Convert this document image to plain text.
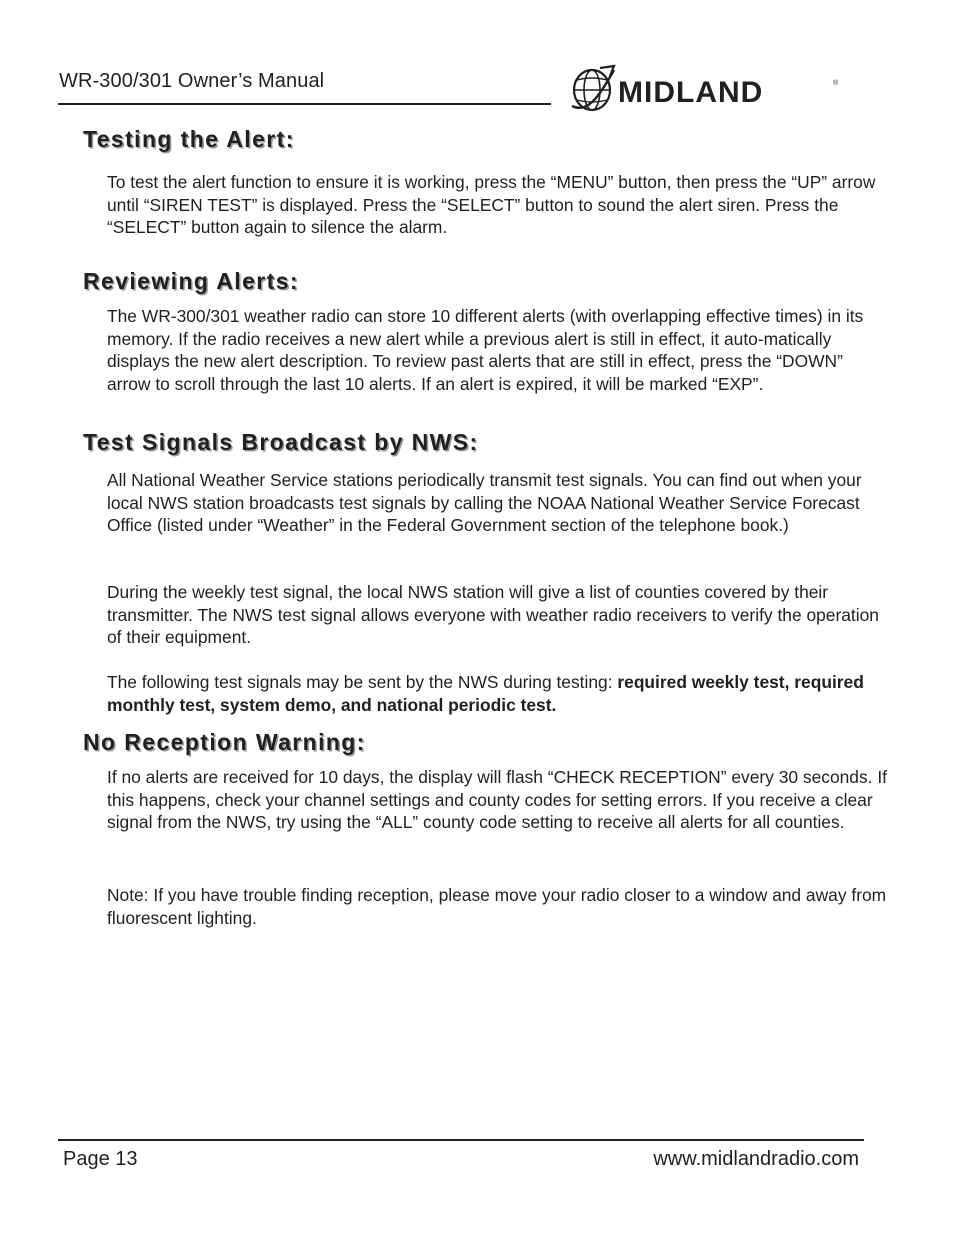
WR-300/301 Owner’s Manual	MIDLAND	®
Testing the Alert:

To test the alert function to ensure it is working, press the “MENU” button, then press the “UP” arrow until “SIREN TEST” is displayed. Press the “SELECT” button to sound the alert siren. Press the “SELECT” button again to silence the alarm.

Reviewing Alerts:

The WR-300/301 weather radio can store 10 different alerts (with overlapping effective times) in its memory. If the radio receives a new alert while a previous alert is still in effect, it auto-matically displays the new alert description. To review past alerts that are still in effect, press the “DOWN” arrow to scroll through the last 10 alerts. If an alert is expired, it will be marked “EXP”.

Test Signals Broadcast by NWS:

All National Weather Service stations periodically transmit test signals. You can find out when your local NWS station broadcasts test signals by calling the NOAA National Weather Service Forecast Office (listed under “Weather” in the Federal Government section of the telephone book.)

During the weekly test signal, the local NWS station will give a list of counties covered by their transmitter. The NWS test signal allows everyone with weather radio receivers to verify the operation of their equipment.

The following test signals may be sent by the NWS during testing: required weekly test, required monthly test, system demo, and national periodic test.

No Reception Warning:

If no alerts are received for 10 days, the display will flash “CHECK RECEPTION” every 30 seconds. If this happens, check your channel settings and county codes for setting errors. If you receive a clear signal from the NWS, try using the “ALL” county code setting to receive all alerts for all counties.

Note: If you have trouble finding reception, please move your radio closer to a window and away from fluorescent lighting.

Page 13	www.midlandradio.com
